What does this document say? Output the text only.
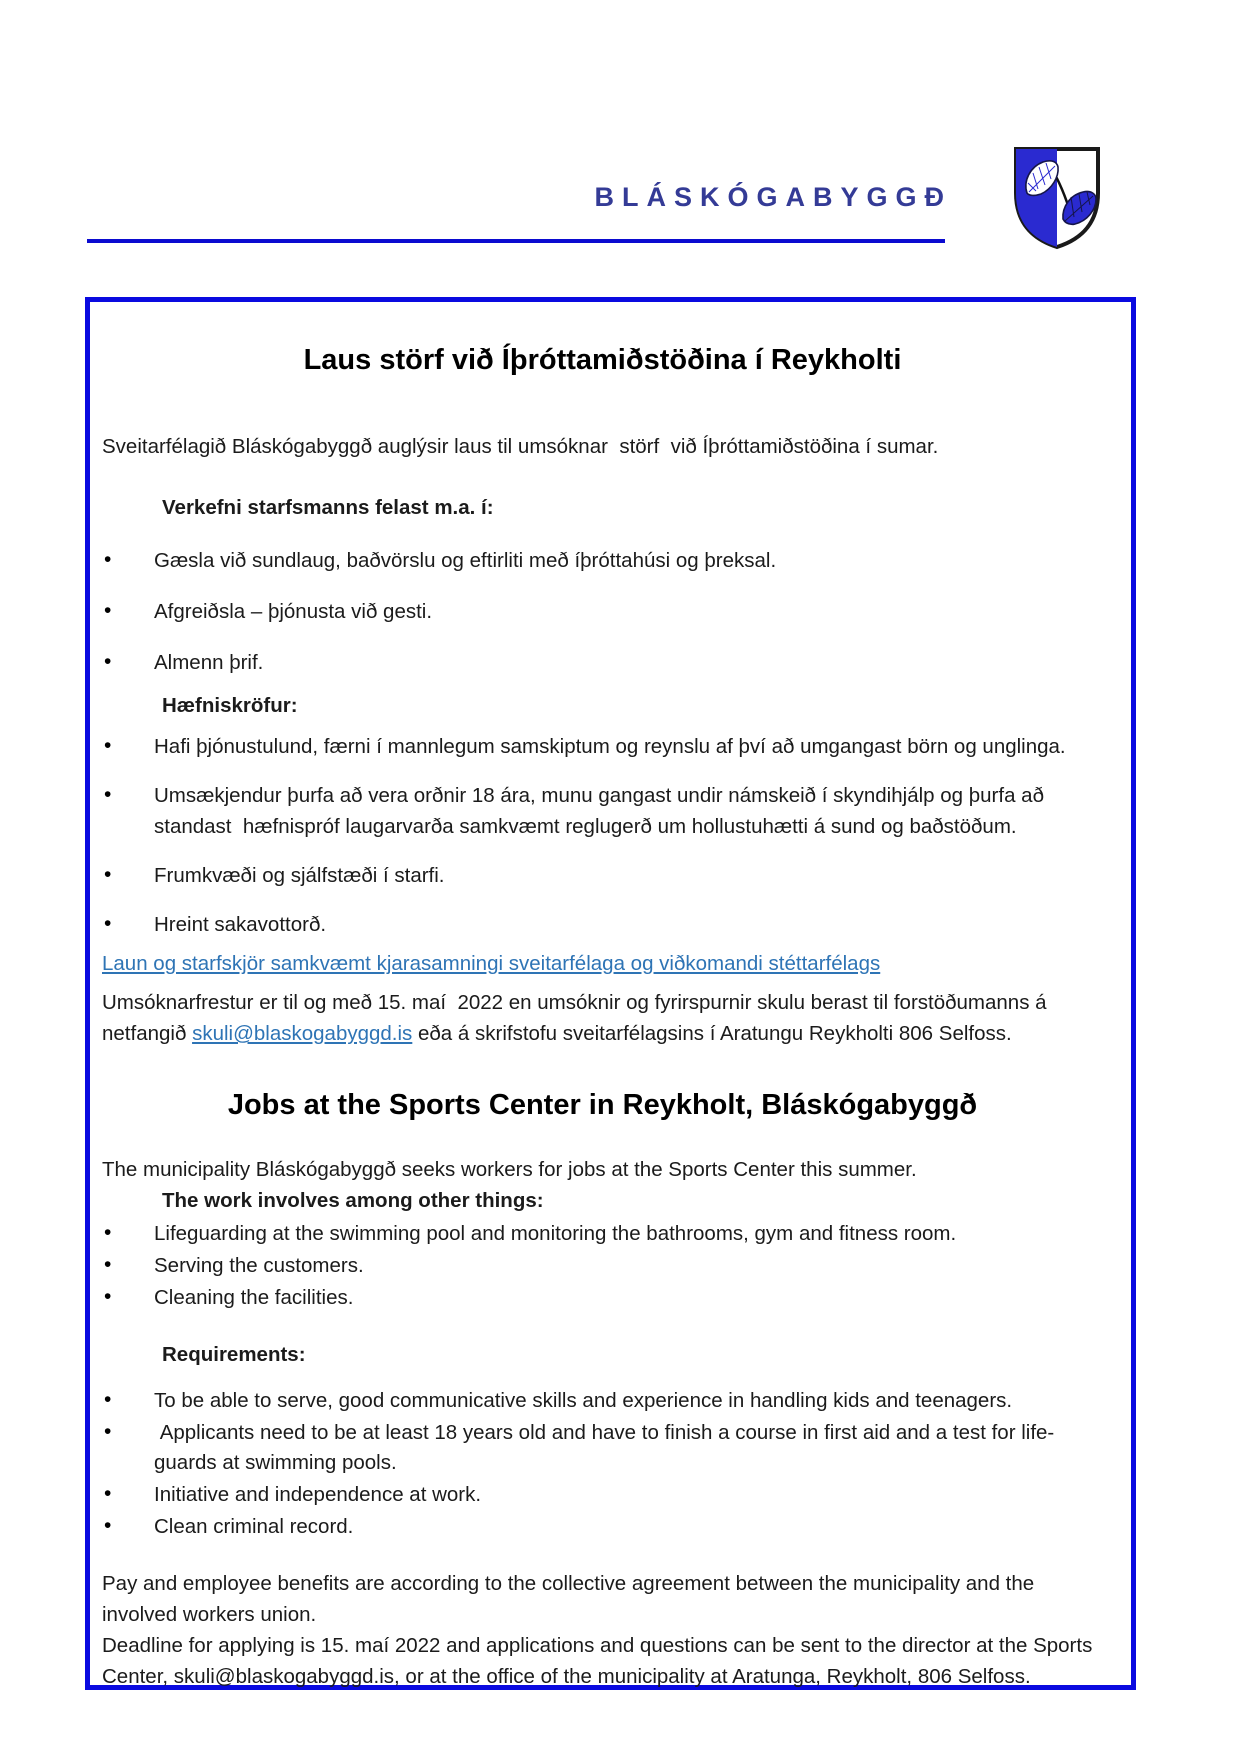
BLÁSKÓGABYGGÐ
Laus störf við Íþróttamiðstöðina í Reykholti

Sveitarfélagið Bláskógabyggð auglýsir laus til umsóknar  störf  við Íþróttamiðstöðina í sumar.

Verkefni starfsmanns felast m.a. í:

• Gæsla við sundlaug, baðvörslu og eftirliti með íþróttahúsi og þreksal.
• Afgreiðsla – þjónusta við gesti.
• Almenn þrif.

Hæfniskröfur:

• Hafi þjónustulund, færni í mannlegum samskiptum og reynslu af því að umgangast börn og unglinga.
• Umsækjendur þurfa að vera orðnir 18 ára, munu gangast undir námskeið í skyndihjálp og þurfa að standast  hæfnispróf laugarvarða samkvæmt reglugerð um hollustuhætti á sund og baðstöðum.
• Frumkvæði og sjálfstæði í starfi.
• Hreint sakavottorð.

Laun og starfskjör samkvæmt kjarasamningi sveitarfélaga og viðkomandi stéttarfélags

Umsóknarfrestur er til og með 15. maí  2022 en umsóknir og fyrirspurnir skulu berast til forstöðumanns á netfangið skuli@blaskogabyggd.is eða á skrifstofu sveitarfélagsins í Aratungu Reykholti 806 Selfoss.

Jobs at the Sports Center in Reykholt, Bláskógabyggð

The municipality Bláskógabyggð seeks workers for jobs at the Sports Center this summer.

The work involves among other things:

• Lifeguarding at the swimming pool and monitoring the bathrooms, gym and fitness room.
• Serving the customers.
• Cleaning the facilities.

Requirements:

• To be able to serve, good communicative skills and experience in handling kids and teenagers.
•  Applicants need to be at least 18 years old and have to finish a course in first aid and a test for life-guards at swimming pools.
• Initiative and independence at work.
• Clean criminal record.

Pay and employee benefits are according to the collective agreement between the municipality and the involved workers union.

Deadline for applying is 15. maí 2022 and applications and questions can be sent to the director at the Sports Center, skuli@blaskogabyggd.is, or at the office of the municipality at Aratunga, Reykholt, 806 Selfoss.
